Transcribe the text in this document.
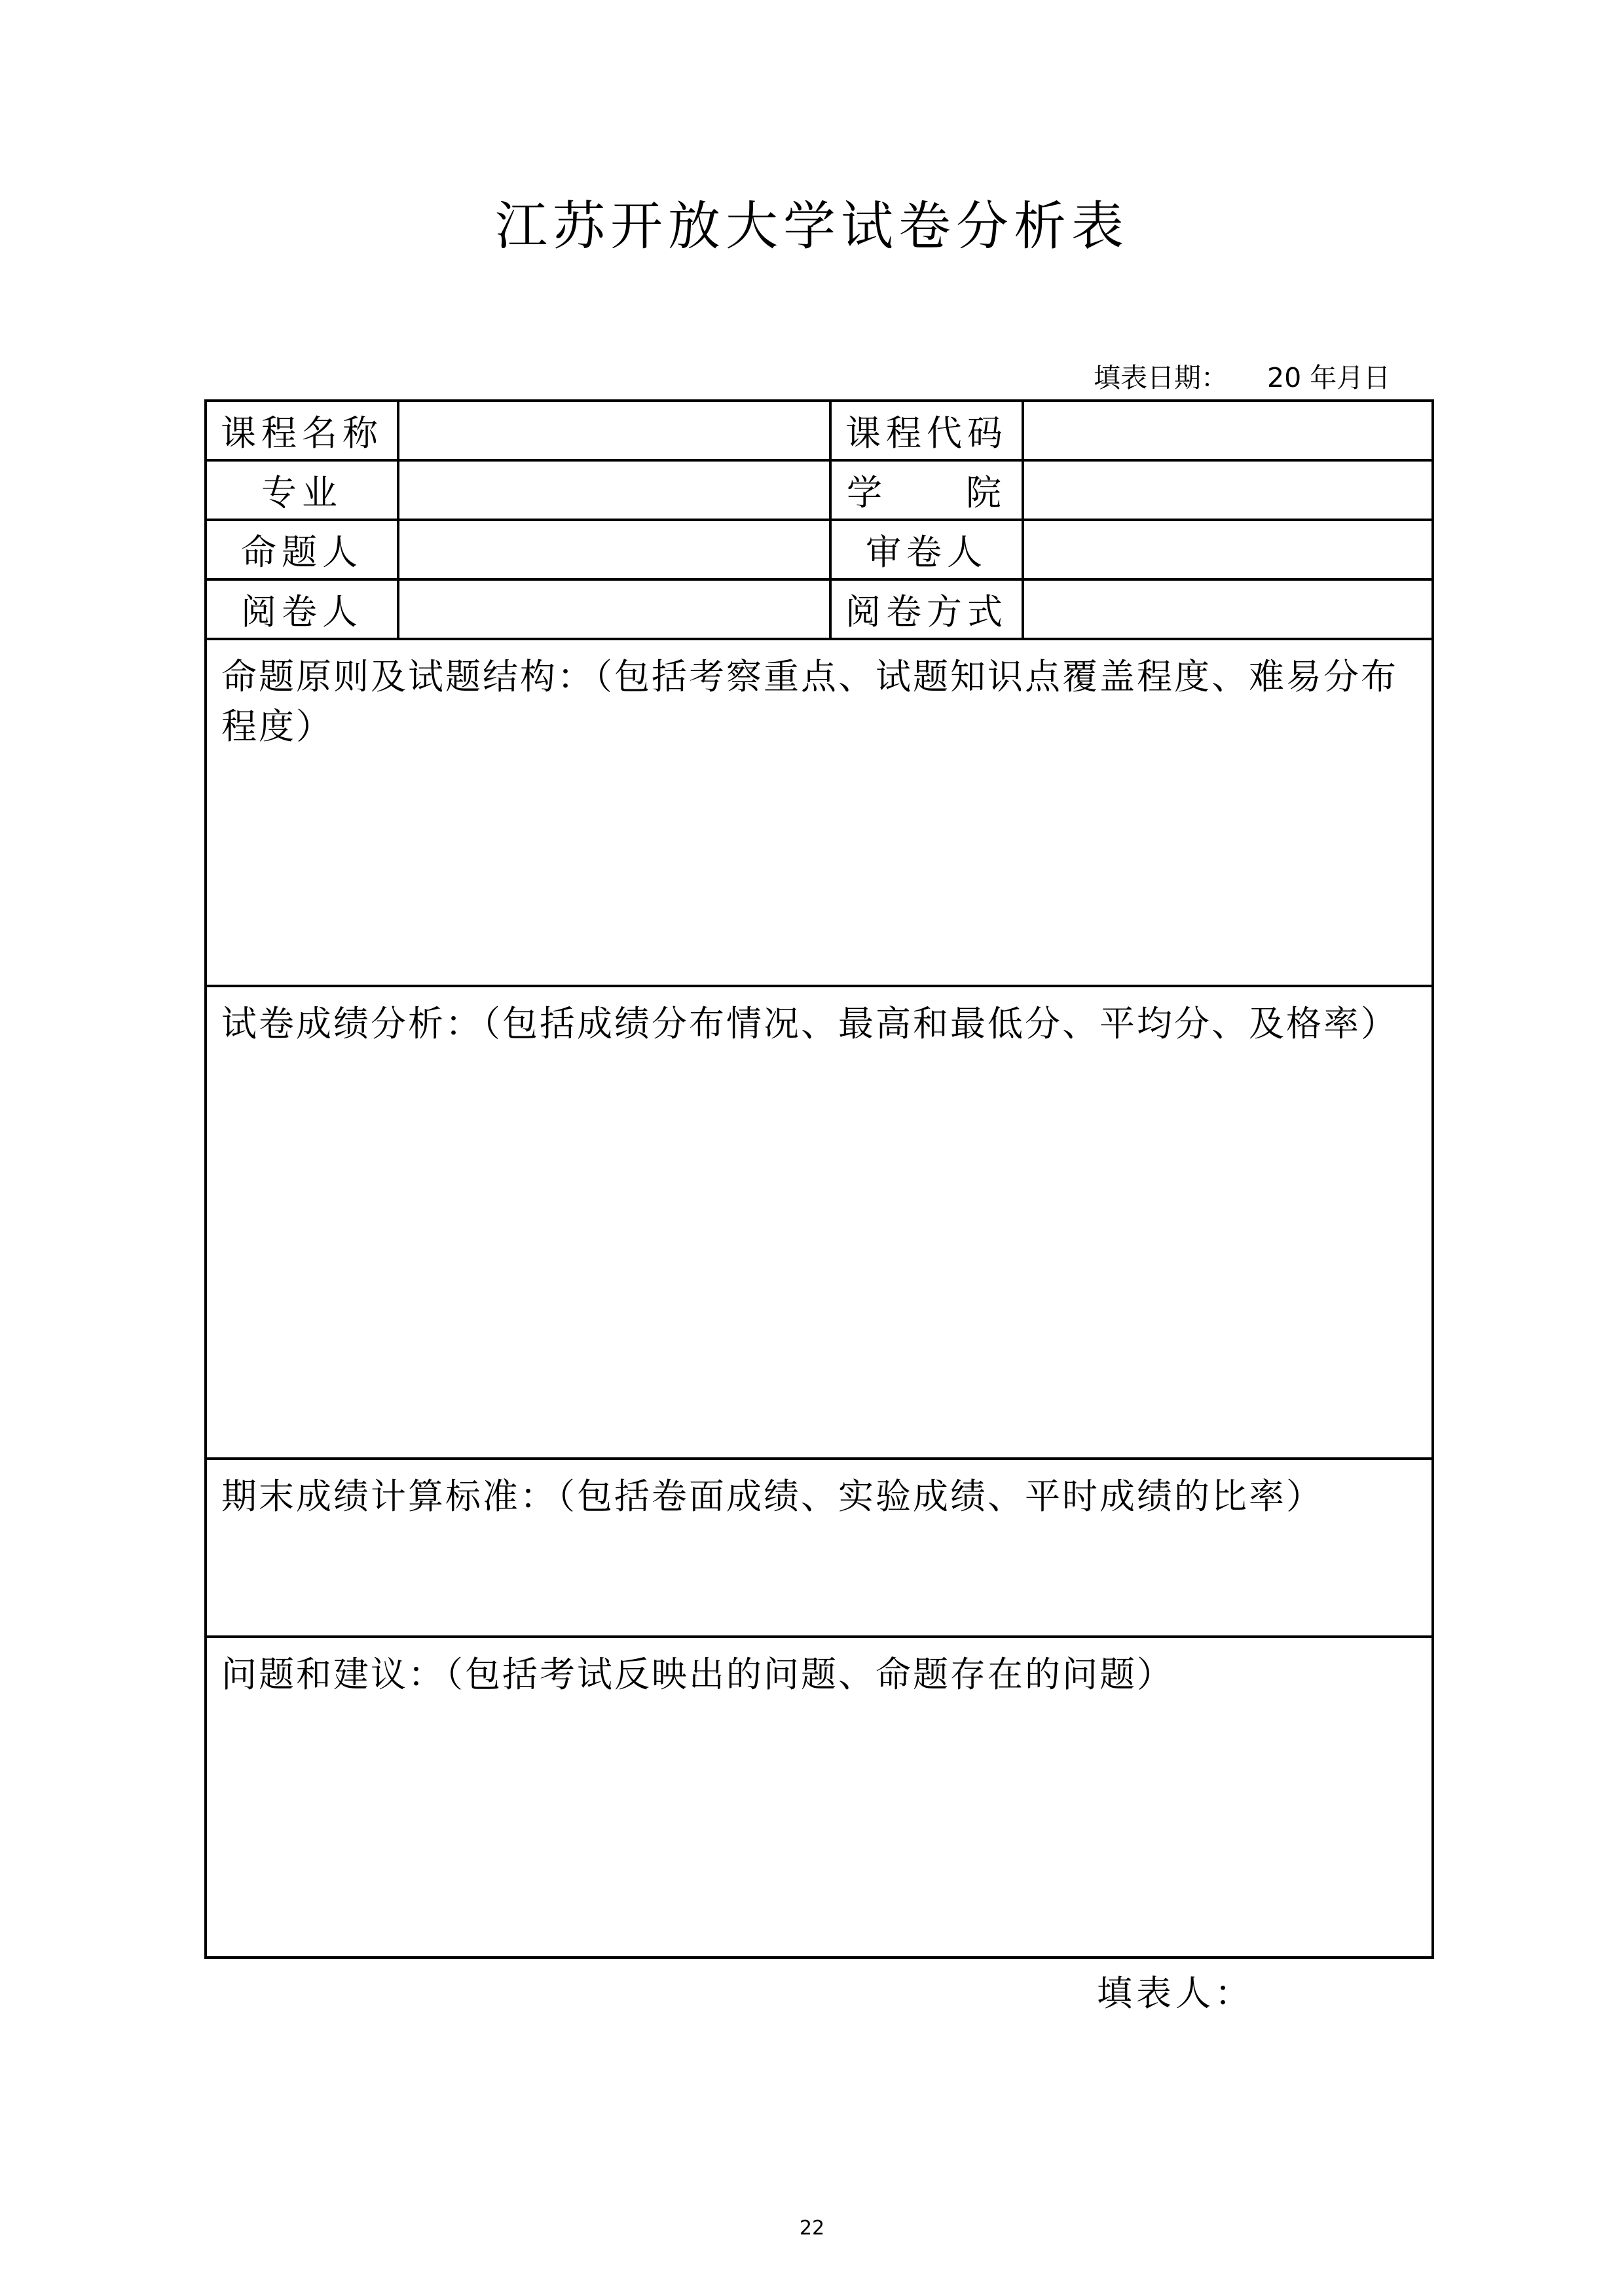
江苏开放大学试卷分析表
填表日期： 20 年月日
课程名称		课程代码	
专业		学 院	
命题人		审卷人	
阅卷人		阅卷方式	
命题原则及试题结构：（包括考察重点、试题知识点覆盖程度、难易分布程度）			
试卷成绩分析：（包括成绩分布情况、最高和最低分、平均分、及格率）			
期末成绩计算标准：（包括卷面成绩、实验成绩、平时成绩的比率）			
问题和建议：（包括考试反映出的问题、命题存在的问题）			
填表人：
22
